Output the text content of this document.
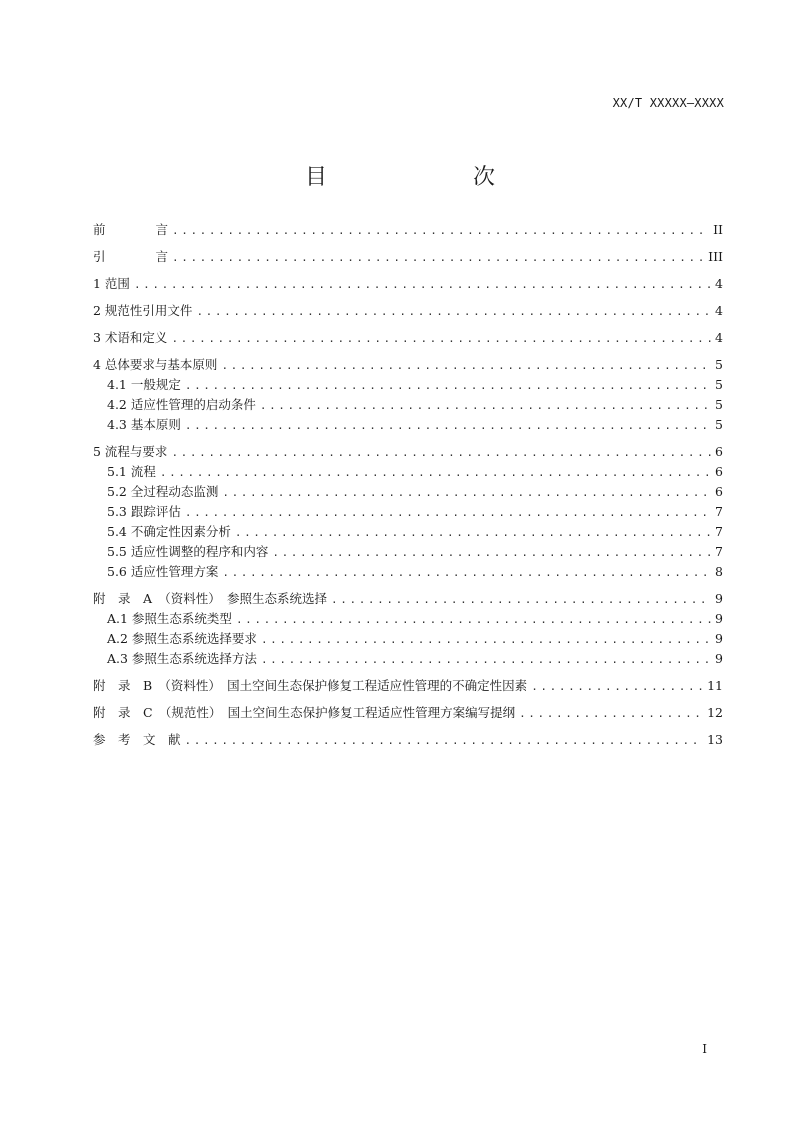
XX/T XXXXX—XXXX
目　　次
前　　　　言 .....	II
引　　　　言 .....	III
1 范围 .....	4
2 规范性引用文件 .....	4
3 术语和定义 .....	4
4 总体要求与基本原则 .....	5
4.1 一般规定 .....	5
4.2 适应性管理的启动条件 .....	5
4.3 基本原则 .....	5
5 流程与要求 .....	6
5.1 流程 .....	6
5.2 全过程动态监测 .....	6
5.3 跟踪评估 .....	7
5.4 不确定性因素分析 .....	7
5.5 适应性调整的程序和内容 .....	7
5.6 适应性管理方案 .....	8
附　录　A　（资料性）　参照生态系统选择 .....	9
A.1 参照生态系统类型 .....	9
A.2 参照生态系统选择要求 .....	9
A.3 参照生态系统选择方法 .....	9
附　录　B　（资料性）　国土空间生态保护修复工程适应性管理的不确定性因素 .....	11
附　录　C　（规范性）　国土空间生态保护修复工程适应性管理方案编写提纲 .....	12
参　考　文　献 .....	13
I
